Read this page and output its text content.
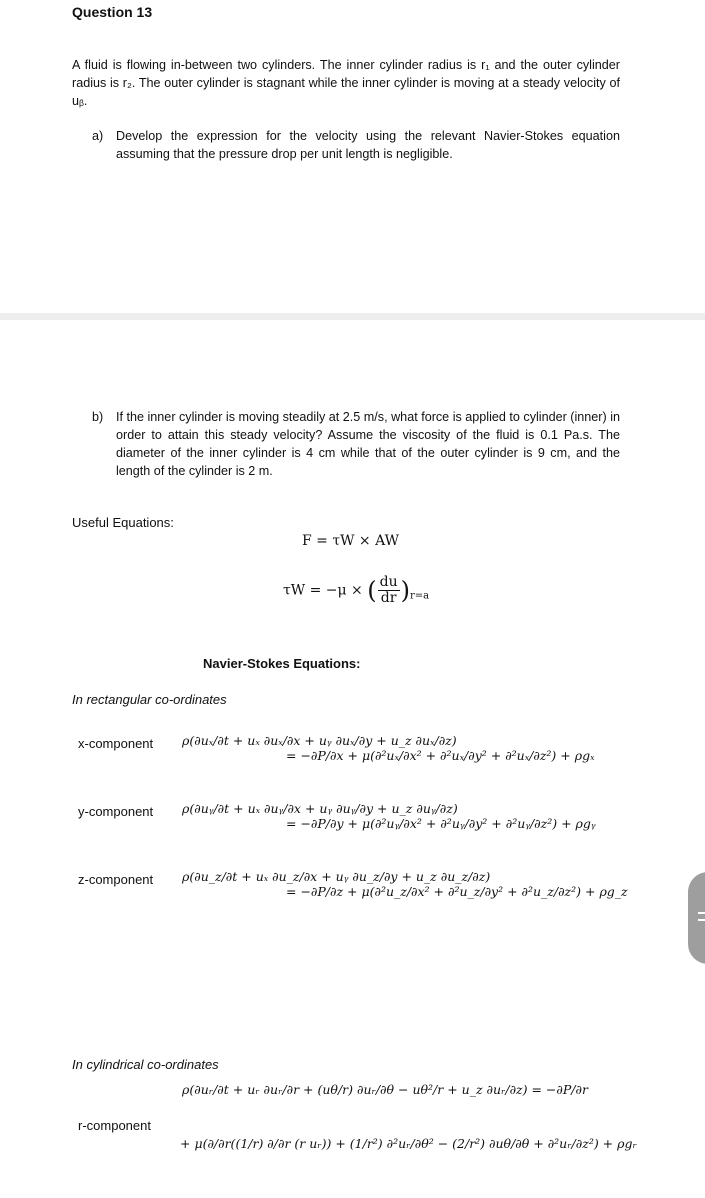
Question 13
A fluid is flowing in-between two cylinders. The inner cylinder radius is r₁ and the outer cylinder radius is r₂. The outer cylinder is stagnant while the inner cylinder is moving at a steady velocity of uᵦ.
a)	Develop the expression for the velocity using the relevant Navier-Stokes equation assuming that the pressure drop per unit length is negligible.
b)	If the inner cylinder is moving steadily at 2.5 m/s, what force is applied to cylinder (inner) in order to attain this steady velocity? Assume the viscosity of the fluid is 0.1 Pa.s. The diameter of the inner cylinder is 4 cm while that of the outer cylinder is 9 cm, and the length of the cylinder is 2 m.
Useful Equations:
F = τW × AW
τW = −μ × ( $\frac{du}{dr} )_{r=a}$
Navier-Stokes Equations:
In rectangular co-ordinates
x-component ρ(∂uₓ/∂t + uₓ ∂uₓ/∂x + uᵧ ∂uₓ/∂y + u_z ∂uₓ/∂z)
= −∂P/∂x + μ(∂²uₓ/∂x² + ∂²uₓ/∂y² + ∂²uₓ/∂z²) + ρgₓ
y-component ρ(∂uᵧ/∂t + uₓ ∂uᵧ/∂x + uᵧ ∂uᵧ/∂y + u_z ∂uᵧ/∂z)
= −∂P/∂y + μ(∂²uᵧ/∂x² + ∂²uᵧ/∂y² + ∂²uᵧ/∂z²) + ρgᵧ
z-component ρ(∂u_z/∂t + uₓ ∂u_z/∂x + uᵧ ∂u_z/∂y + u_z ∂u_z/∂z)
= −∂P/∂z + μ(∂²u_z/∂x² + ∂²u_z/∂y² + ∂²u_z/∂z²) + ρg_z
In cylindrical co-ordinates
r-component
ρ(∂uᵣ/∂t + uᵣ ∂uᵣ/∂r + (uθ/r) ∂uᵣ/∂θ − uθ²/r + u_z ∂uᵣ/∂z) = −∂P/∂r
+ μ(∂/∂r((1/r) ∂/∂r (r uᵣ)) + (1/r²) ∂²uᵣ/∂θ² − (2/r²) ∂uθ/∂θ + ∂²uᵣ/∂z²) + ρgᵣ
